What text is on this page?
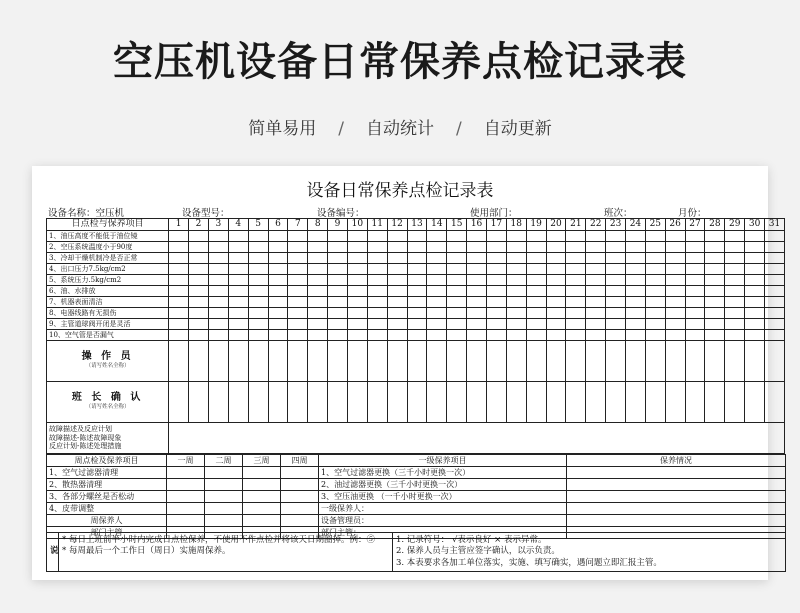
空压机设备日常保养点检记录表
简单易用 / 自动统计 / 自动更新
设备日常保养点检记录表
设备名称：空压机	设备型号：	设备编号：	使用部门：	班次：	月份：
日点检与保养项目	1	2	3	4	5	6	7	8	9	10	11	12	13	14	15	16	17	18	19	20	21	22	23	24	25	26	27	28	29	30	31
1、油压高度不能低于油位镜																															
2、空压系统温度小于90度																															
3、冷却干燥机制冷是否正常																															
4、出口压力7.5kg/cm2																															
5、系统压力.5kg/cm2																															
6、油、水排放																															
7、机器表面清洁																															
8、电器线路有无损伤																															
9、主管道球阀开闭是灵活																															
10、空气管是否漏气																															

操 作 员
（请写姓名全称）																															

班 长 确 认
（请写姓名全称）																															

故障描述及反应计划
故障描述-陈述故障现象
反应计划-陈述处理措施																															

周点检及保养项目	一周	二周	三周	四周	一级保养项目	保养情况
1、空气过滤器清理					1、空气过滤器更换（三千小时更换一次）	
2、散热器清理					2、油过滤器更换（三千小时更换一次）	
3、各部分螺丝是否松动					3、空压油更换 （一千小时更换一次）	
4、皮带调整					一级保养人：	
周保养人					设备管理员：	
部门主管					部门主管：	
说	
* 每日上班前半小时内完成日点检保养，不使用不作点检并将该天日期圈掉。例：⑤
* 每周最后一个工作日（周日）实施周保养。

1. 记录符号： √表示良好 × 表示异常。
2. 保养人员与主管应签字确认，以示负责。
3. 本表要求各加工单位落实，实施、填写确实，遇问题立即汇报主管。
